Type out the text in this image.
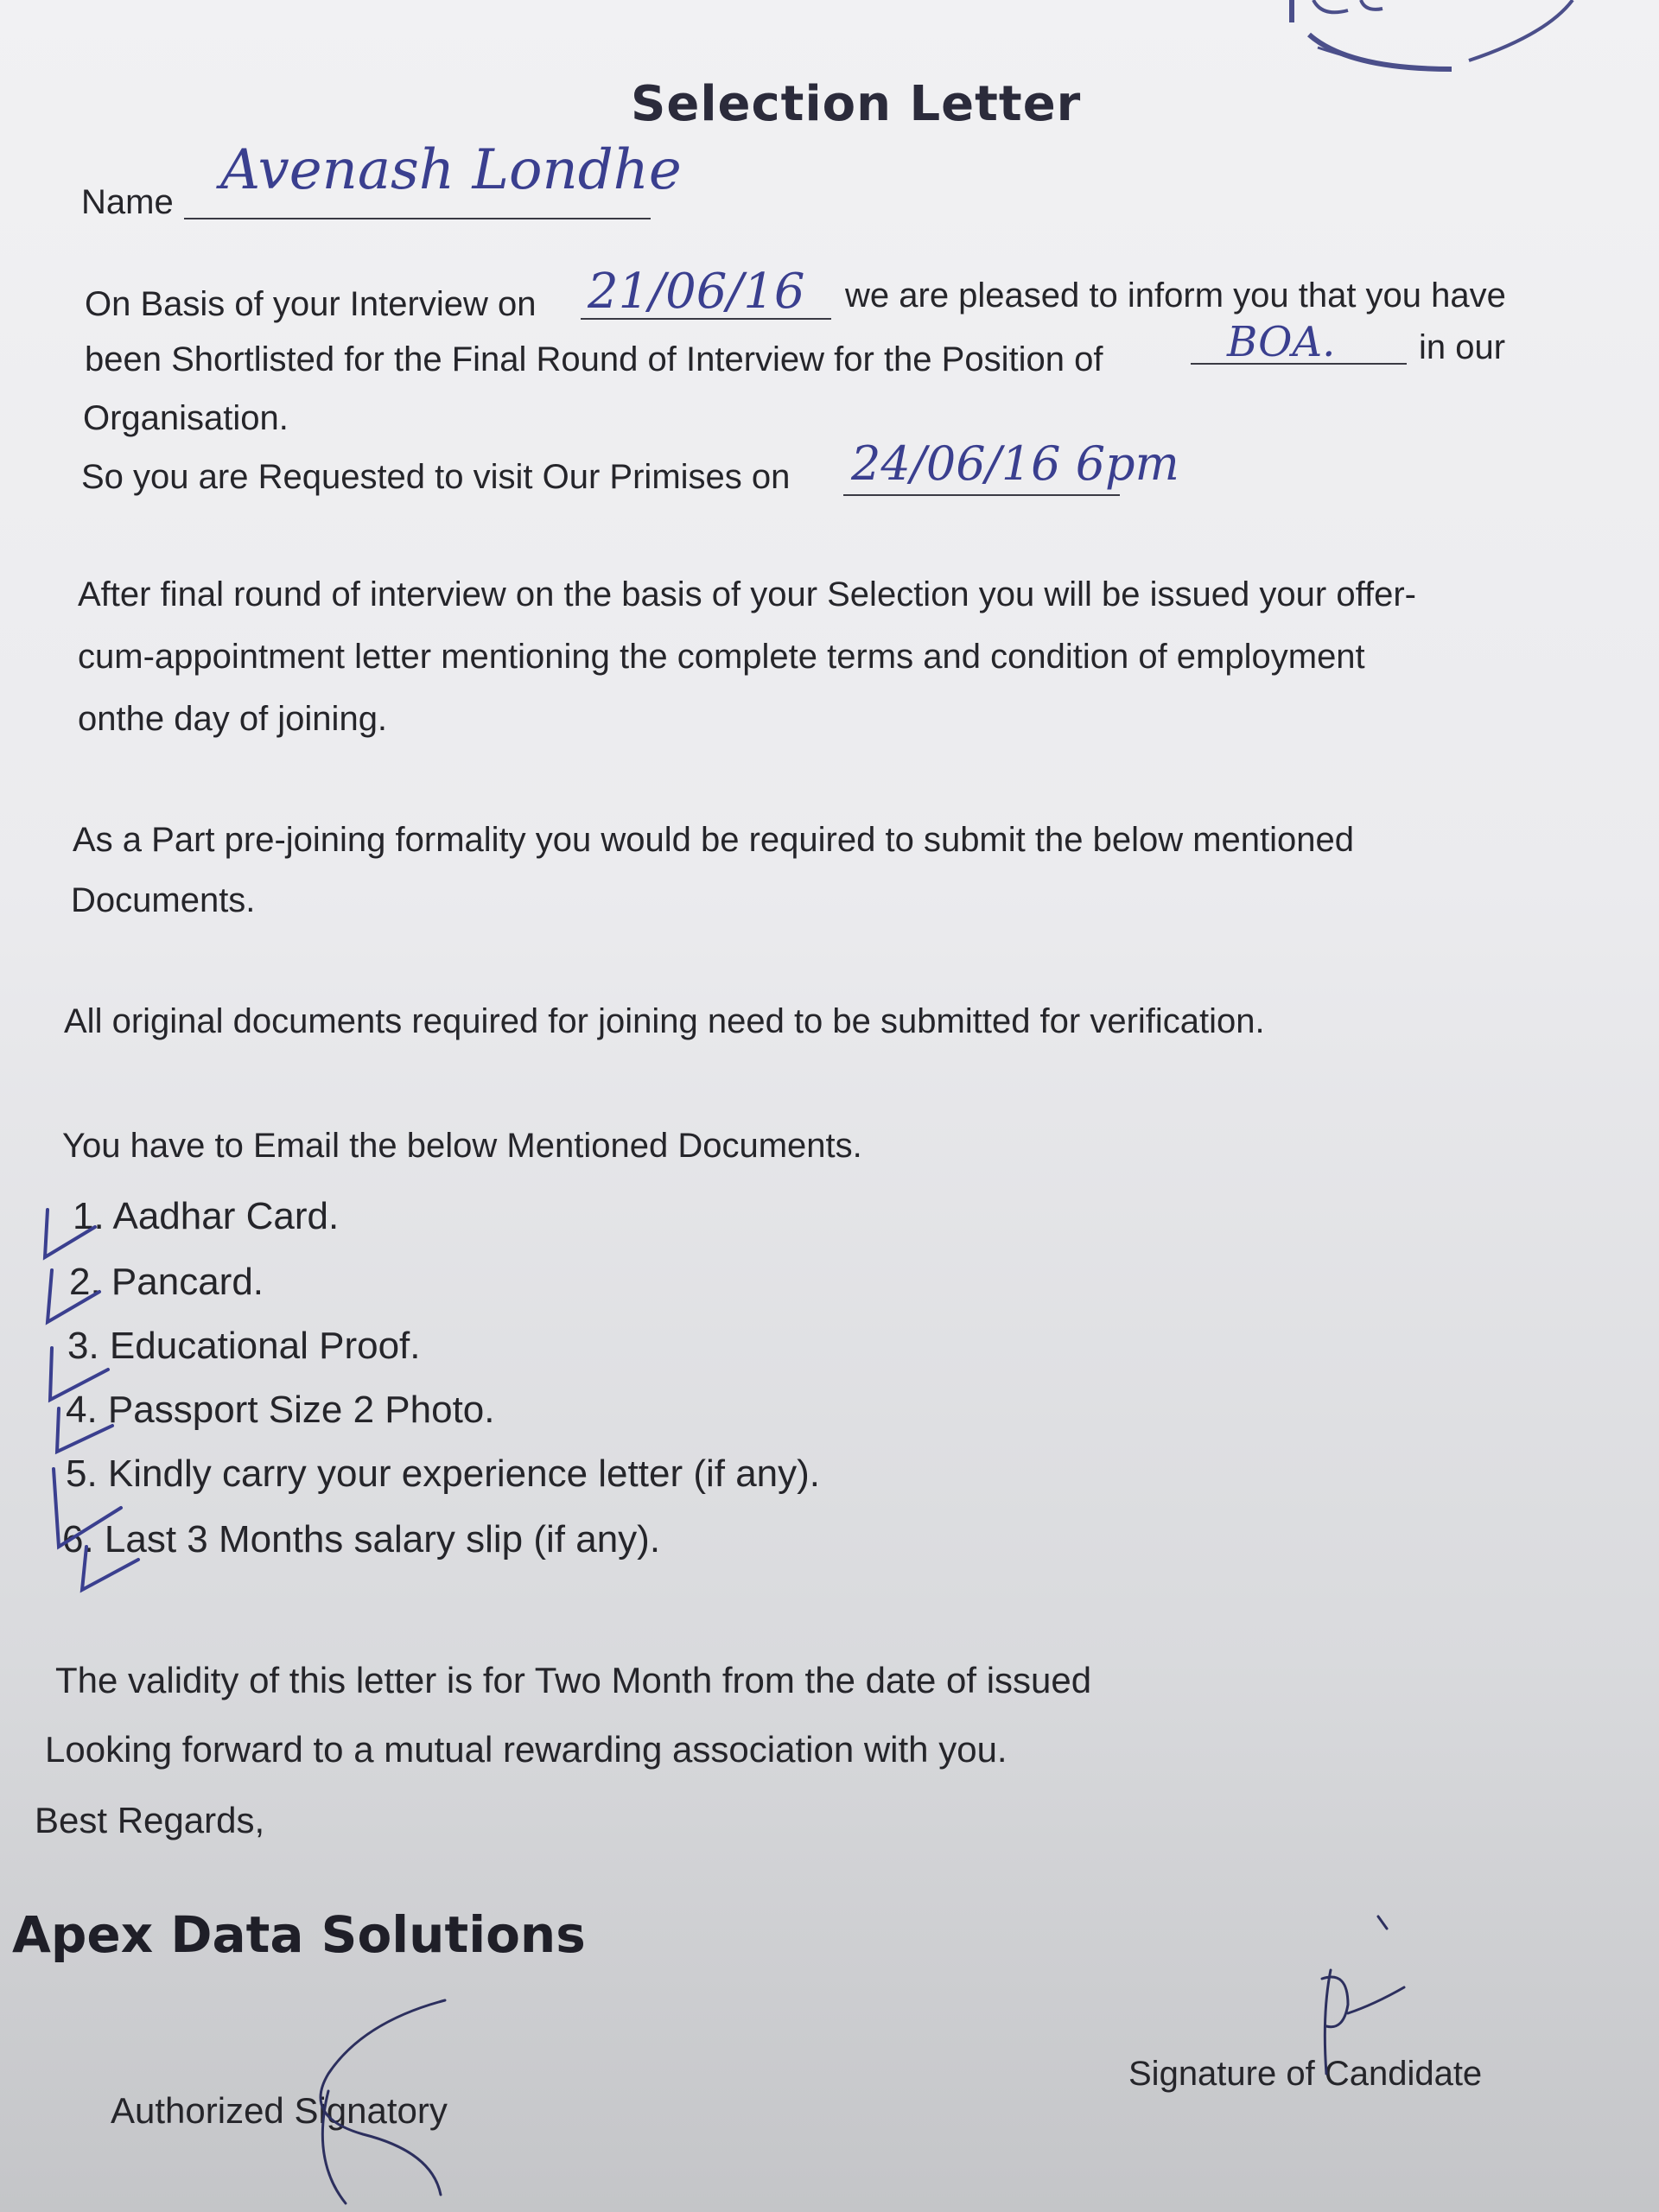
Selection Letter
Name Avenash Londhe
On Basis of your Interview on 21/06/16 we are pleased to inform you that you have
been Shortlisted for the Final Round of Interview for the Position of	BOA. in our
Organisation.
So you are Requested to visit Our Primises on 24/06/16 6pm
After final round of interview on the basis of your Selection you will be issued your offer-
cum-appointment letter mentioning the complete terms and condition of employment
onthe day of joining.
As a Part pre-joining formality you would be required to submit the below mentioned
Documents.
All original documents required for joining need to be submitted for verification.
You have to Email the below Mentioned Documents.
1. Aadhar Card.
2. Pancard.
3. Educational Proof.
4. Passport Size 2 Photo.
5. Kindly carry your experience letter (if any).
6. Last 3 Months salary slip (if any).
The validity of this letter is for Two Month from the date of issued
Looking forward to a mutual rewarding association with you.
Best Regards,
Apex Data Solutions
Authorized Signatory
Signature of Candidate
